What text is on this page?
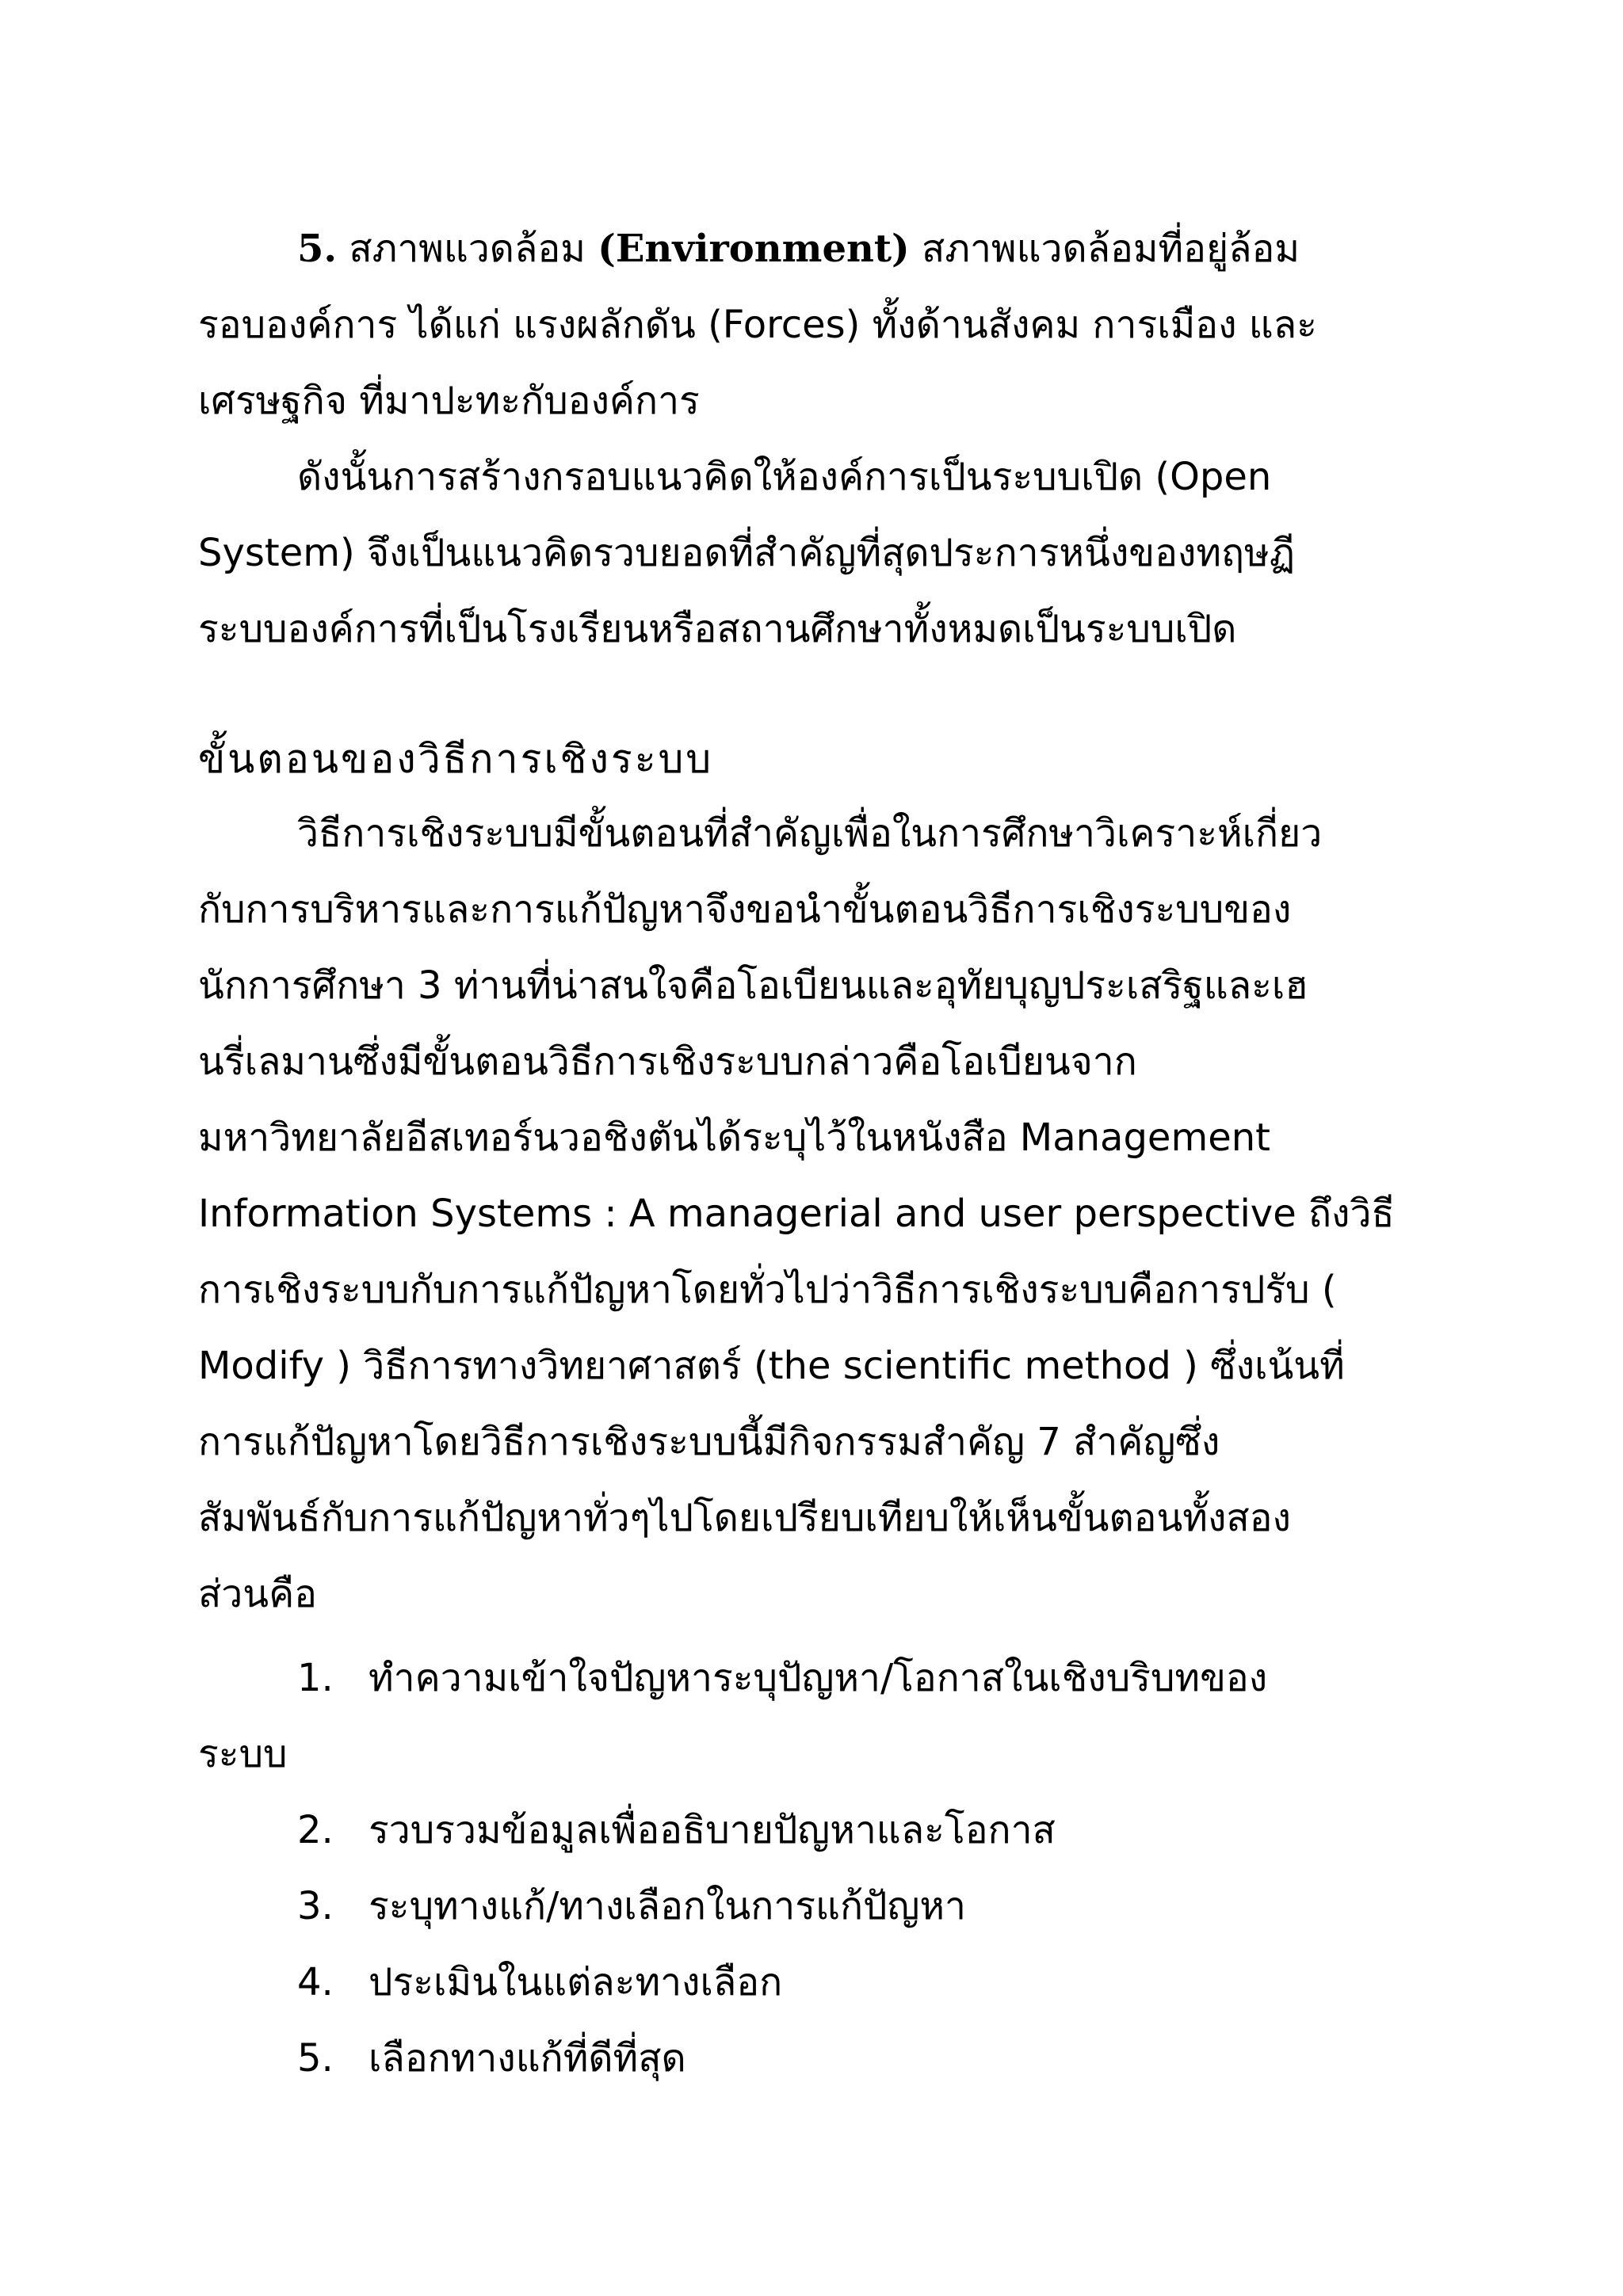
5. สภาพแวดล้อม (Environment) สภาพแวดล้อมที่อยู่ล้อม
รอบองค์การ ได้แก่ แรงผลักดัน (Forces) ทั้งด้านสังคม การเมือง และ
เศรษฐกิจ ที่มาปะทะกับองค์การ
ดังนั้นการสร้างกรอบแนวคิดให้องค์การเป็นระบบเปิด (Open
System) จึงเป็นแนวคิดรวบยอดที่สำคัญที่สุดประการหนึ่งของทฤษฏี
ระบบองค์การที่เป็นโรงเรียนหรือสถานศึกษาทั้งหมดเป็นระบบเปิด
ขั้นตอนของวิธีการเชิงระบบ
วิธีการเชิงระบบมีขั้นตอนที่สำคัญเพื่อในการศึกษาวิเคราะห์เกี่ยว
กับการบริหารและการแก้ปัญหาจึงขอนำขั้นตอนวิธีการเชิงระบบของ
นักการศึกษา 3 ท่านที่น่าสนใจคือโอเบียนและอุทัยบุญประเสริฐและเฮ
นรี่เลมานซึ่งมีขั้นตอนวิธีการเชิงระบบกล่าวคือโอเบียนจาก
มหาวิทยาลัยอีสเทอร์นวอชิงตันได้ระบุไว้ในหนังสือ Management
Information Systems : A managerial and user perspective ถึงวิธี
การเชิงระบบกับการแก้ปัญหาโดยทั่วไปว่าวิธีการเชิงระบบคือการปรับ (
Modify ) วิธีการทางวิทยาศาสตร์ (the scientific method ) ซึ่งเน้นที่
การแก้ปัญหาโดยวิธีการเชิงระบบนี้มีกิจกรรมสำคัญ 7 สำคัญซึ่ง
สัมพันธ์กับการแก้ปัญหาทั่วๆไปโดยเปรียบเทียบให้เห็นขั้นตอนทั้งสอง
ส่วนคือ
1. ทำความเข้าใจปัญหาระบุปัญหา/โอกาสในเชิงบริบทของ
ระบบ
2. รวบรวมข้อมูลเพื่ออธิบายปัญหาและโอกาส
3. ระบุทางแก้/ทางเลือกในการแก้ปัญหา
4. ประเมินในแต่ละทางเลือก
5. เลือกทางแก้ที่ดีที่สุด
